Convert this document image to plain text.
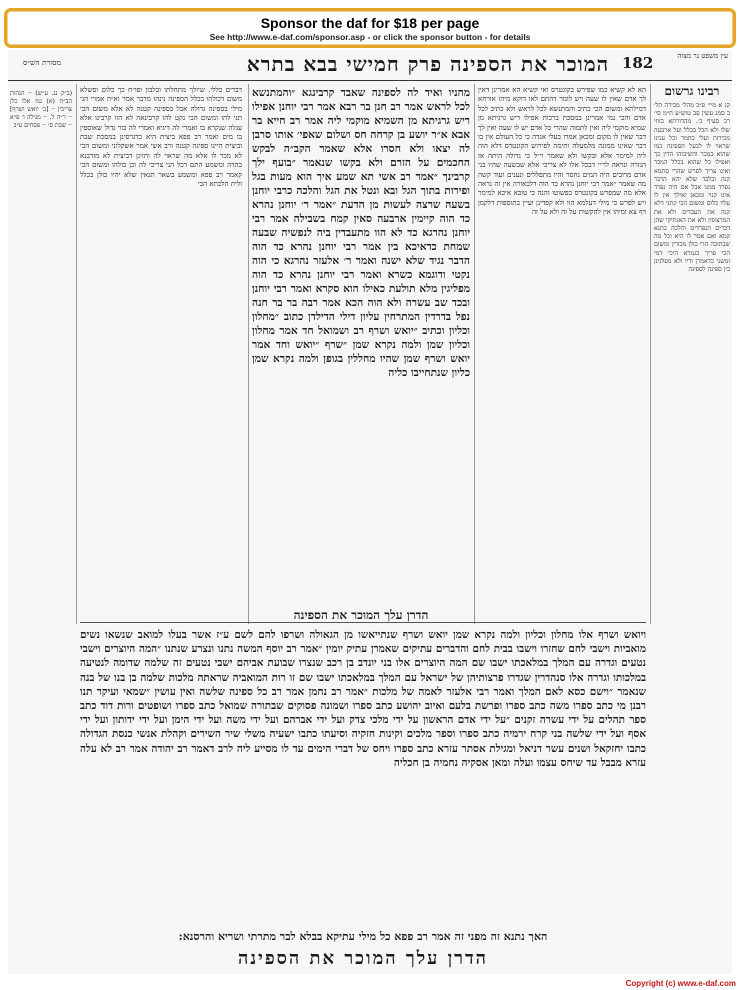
Sponsor the daf for $18 per page
See http://www.e-daf.com/sponsor.asp - or click the sponsor button - for details
עין משפט נר מצוה
182
המוכר את הספינה פרק חמישי בבא בתרא
מסורת הש״ס
(ב״ק נג. ע״ש) ·· הגהות הב״ח (א) גמ׳ אלו כלן צריכין ·· [ב׳ יואש ושרף] ·· ר״ה ל. ·· מגילה ו׳ פ״א ·· שבת ס׳ ·· פסחים ע״ב
דברים כללי. שיולך מתחלתו ובלבון ופו״ח כך כלום וסשלא משום דכולהו בכלל הספינה נינהו מדבר אמר וא״ח אמרי הני מילי בספינה גדולה אבל בספינה קטנה לא אלא משום הכי תני להו ומשום הכי נקט להו קרבינאה לא הוו קרבינו אלא עגלה שנקרא בו ואמרי לה דיגיא ואמרי לה בור גדול שאוספין בו מים ואמר רב פפא ביצית היא כדגרסינן במסכת שבת וביצית היינו ספינה קטנה ורב אשי אמר אשקלוני ומשום הכי לא מכר לו אלא מה שראוי לה וחזינן דביצית לא מזדבנא בהדה ומשמע התם דכל הני צריכי לה וכן כולהו ומשום הכי קאמר רב פפא ומשמע בשאר תנאין שלא יהיו כולן בכלל ולית הלכתא הכי
מהניו ואיד לה לספינה שאבד קרבינגא ״והמתנשא לכל לראש אמר רב חנן בר רבא אמר רבי יוחנן אפילו ריש גרגיתא מן השמיא מוקמי ליה אמר רב חייא בר אבא א״ר יושע בן קרחה חס ושלום שאפי׳ אותו סרבן לה יצאו ולא חסרו אלא שאמר הקב״ה לבקש החכמים על הזרם ולא בקשו שנאמר ״בועף ילך קרבינך ״אמר רב אשי תא שמע איך הוא מעות בגל ופירות בתוך הגל ובא ונטל את הגל והלכה כרבי יוחנן בשעה שרצה לעשות מן הדעת ״אמר ר׳ יוחנן נהרא כד הוה קיימין ארבעה סאין קמח בשבילה אמר רבי יוחנן נהרגא כד לא הוו מתעבדין ביה לנפשיה שבעה שמחת כדאיכא בין אמר רבי יוחנן נהרא כד הוה הדבר נגיד שלא ישנה ואמר ר׳ אלעזר נהרגא כי הוה נקטי ודוגמא כשרא ואמר רבי יוחנן נהרא כד הוה מפליגין מלא תולעת כאילו הוא סקרא ואמר רבי יוחנן ובכד שב עשרה ולא הוה הכא אמר רבה בר בר חנה נפל בדרדין המתרחין עליון דילי הדילדן כתוב ״מחלון וכליון וכתיב ״יואש ושרף רב ושמואל חד אמר מחלון וכליון שמן ולמה נקרא שמן ״שרף ״יואש וחד אמר יואש ושרף שמן שהיו מחללין בגופן ולמה נקרא שמן כליון שנתחייבו כליה
הדרן עלך המוכר את הספינה
הא לא קשיא כמו שפירש בקונטרס ואי קשיא הא אמרינן דאין לך אדם שאין לו שעה ויש לומר דהתם לאו דוקא מיהו אורחא דמילתא ומשום הכי כתיב והמתנשא לכל לראש ולא כתיב לכל אדם והכי נמי אמרינן במסכת ברכות אפילו ריש גרגיתא מן שמיא מוקמי ליה ואין לתמוה שהרי כל אדם יש לו שעה ואין לך דבר שאין לו מקום ומכאן אמרו בעלי אגדה כי כל העולם אין בו דבר שאינו ממונה מלמעלה ותימה לפירוש הקונטרס דלא הוה ליה למימר אלא ובקשו ולא שאמר וי״ל כי גדולה היתה אז הגזרה ונראה לר״י דבכל אלו לא צריכי אלא שבשעה שהיו בני אדם מרובים היה המים נחסר והיו מתפללים ונענים ועוד קשה מה שאמר ״אמר רבי יוחנן נהרא כד הוה דלכאורה אין זה נראה אלא מה שמפרש בקונטרס כפשוטו והנה כי טובא איכא למימר ויש לפרש כי מילי דעלמא הוו ולא קפדינן ועיין בתוספות דלקמן דף צא ומיהו אין להקשות על זה ולא על זה
רבינו גרשום
קנ א מיי׳ פ״כ מהל׳ מכירה הל׳ ב סמג עשין פב טוש״ע ח״מ סי׳ רכ סעיף ב׳. מהדורתא בזוזי שלו ולא הכל בכלל ועל ארבעה מכירות ועלי כחמר וכל ענינו שראוי לו לבעל הספינה כמו שהוא במכר והשיבוהו הדין כך ואפילו כל שהוא בכלל המכר ואינו צריך לפרש שהרי סתמא קנה ובלבד שלא יהא הדבר נפרד ממנו אבל אם היה נפרד אינו קנוי ומכאן ואילך אין לו עליו כלום ומשום הכי קתני דלא קנה את העבדים ולא את המרצופין ולא את האנתיקי שהן דברים הנפרדים והלכה כתנא קמא ואם אמר לו היא וכל מה שבתוכה הרי כולן מכורין ומשום הכי פריך בגמרא היכי דמי ומשני כדאמרן ודיו ולא מפלגינן בין ספינה לספינה
ויואש ושרף אלו מחלון וכליון ולמה נקרא שמן יואש ושרף שנתייאשו מן הגאולה ושרפו להם לשם ע״ז אשר בעלו למואב שנשאו נשים מואביות וישבי לחם שחזרו וישבו בבית לחם והדברים עתיקים שאמרן עתיק יומין ״אמר רב יוסף המשה נתנו ונצרע שנתנו ״המה היוצרים וישבי נטעים וגדרה עם המלך במלאכתו ישבו שם המה היוצרים אלו בני יונדב בן רכב שנצרו שבועת אביהם ישבי נטעים זה שלמה שדומה לנטיעה במלכותו וגדרה אלו סנהדרין שגדרו פרצותיהן של ישראל עם המלך במלאכתו ישבו שם זו רות המואביה שראתה מלכות שלמה בן בנו של בנה שנאמר ״וישם כסא לאם המלך ואמר רבי אלעזר לאמה של מלכות ״אמר רב נחמן אמר רב כל ספינה שלשה ואין עושין ״שמאי ועיקר תנו רבנן מי כתב ספרו משה כתב ספרו ופרשת בלעם ואיוב יהושע כתב ספרו ושמונה פסוקים שבתורה שמואל כתב ספרו ושופטים ורות דוד כתב ספר תהלים על ידי עשרה זקנים ״על ידי אדם הראשון על ידי מלכי צדק ועל ידי אברהם ועל ידי משה ועל ידי הימן ועל ידי ידותון ועל ידי אסף ועל ידי שלשה בני קרח ירמיה כתב ספרו וספר מלכים וקינות חזקיה וסיעתו כתבו ישעיה משלי שיר השירים וקהלת אנשי כנסת הגדולה כתבו יחזקאל ושנים עשר דניאל ומגילת אסתר עזרא כתב ספרו ויחס של דברי הימים עד לו מסייע ליה לרב דאמר רב יהודה אמר רב לא עלה עזרא מבבל עד שיחס עצמו ועלה ומאן אסקיה נחמיה בן חכליה
האך נתנא זה מפני זה אמר רב פפא כל מילי עתיקא בבלא לבר מתרתי ושריא והרסנא:
הדרן עלך המוכר את הספינה
Copyright (c) www.e-daf.com
